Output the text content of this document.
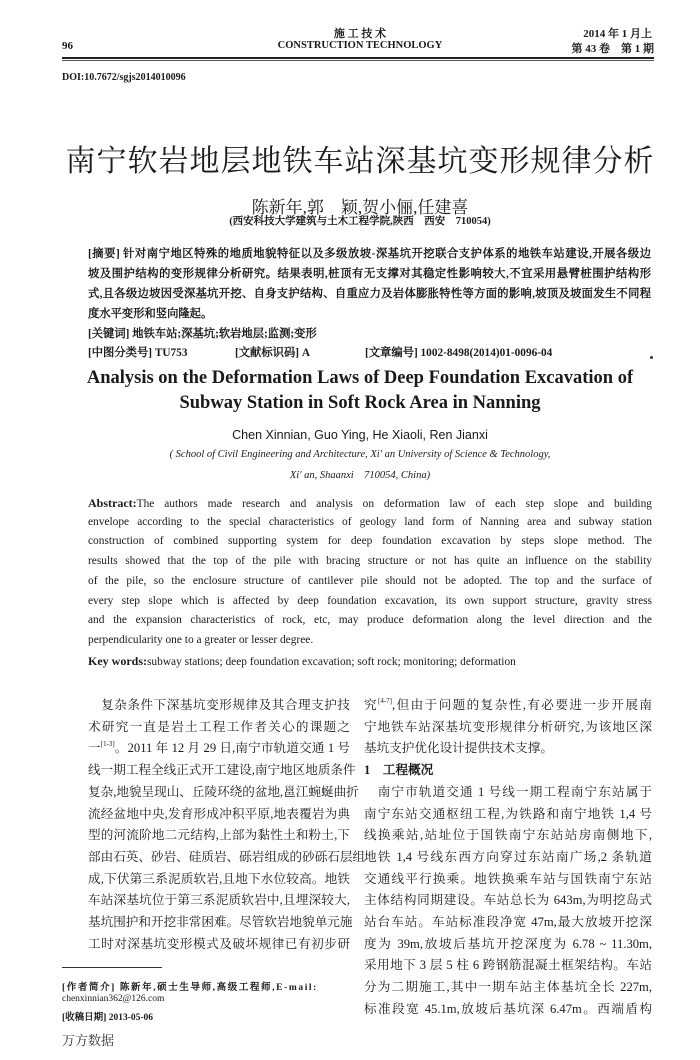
96
施 工 技 术
CONSTRUCTION TECHNOLOGY
2014 年 1 月上
第 43 卷　第 1 期
DOI:10.7672/sgjs2014010096
南宁软岩地层地铁车站深基坑变形规律分析
陈新年,郭　颖,贺小俪,任建喜
(西安科技大学建筑与土木工程学院,陕西　西安　710054)
[摘要] 针对南宁地区特殊的地质地貌特征以及多级放坡-深基坑开挖联合支护体系的地铁车站建设,开展各级边
坡及围护结构的变形规律分析研究。结果表明,桩顶有无支撑对其稳定性影响较大,不宜采用悬臂桩围护结构形
式,且各级边坡因受深基坑开挖、自身支护结构、自重应力及岩体膨胀特性等方面的影响,坡顶及坡面发生不同程
度水平变形和竖向隆起。
[关键词] 地铁车站;深基坑;软岩地层;监测;变形
[中图分类号] TU753	[文献标识码] A	[文章编号] 1002-8498(2014)01-0096-04
Analysis on the Deformation Laws of Deep Foundation Excavation of
Subway Station in Soft Rock Area in Nanning
Chen Xinnian, Guo Ying, He Xiaoli, Ren Jianxi
( School of Civil Engineering and Architecture, Xi' an University of Science & Technology,
Xi' an, Shaanxi　710054, China)
Abstract:The authors made research and analysis on deformation law of each step slope and building
envelope according to the special characteristics of geology land form of Nanning area and subway station
construction of combined supporting system for deep foundation excavation by steps slope method. The
results showed that the top of the pile with bracing structure or not has quite an influence on the stability
of the pile, so the enclosure structure of cantilever pile should not be adopted. The top and the surface of
every step slope which is affected by deep foundation excavation, its own support structure, gravity stress
and the expansion characteristics of rock, etc, may produce deformation along the level direction and the
perpendicularity one to a greater or lesser degree.
Key words:subway stations; deep foundation excavation; soft rock; monitoring; deformation
　复杂条件下深基坑变形规律及其合理支护技
术研究一直是岩土工程工作者关心的课题之
一[1-3]。2011 年 12 月 29 日,南宁市轨道交通 1 号
线一期工程全线正式开工建设,南宁地区地质条件
复杂,地貌呈现山、丘陵环绕的盆地,邕江蜿蜒曲折
流经盆地中央,发育形成冲积平原,地表覆岩为典
型的河流阶地二元结构,上部为黏性土和粉土,下
部由石英、砂岩、硅质岩、砾岩组成的砂砾石层组
成,下伏第三系泥质软岩,且地下水位较高。地铁
车站深基坑位于第三系泥质软岩中,且埋深较大,
基坑围护和开挖非常困难。尽管软岩地貌单元施
工时对深基坑变形模式及破坏规律已有初步研
究[4-7],但由于问题的复杂性,有必要进一步开展南
宁地铁车站深基坑变形规律分析研究,为该地区深
基坑支护优化设计提供技术支撑。
1　工程概况
　南宁市轨道交通 1 号线一期工程南宁东站属于
南宁东站交通枢纽工程,为铁路和南宁地铁 1,4 号
线换乘站,站址位于国铁南宁东站站房南侧地下,
地铁 1,4 号线东西方向穿过东站南广场,2 条轨道
交通线平行换乘。地铁换乘车站与国铁南宁东站
主体结构同期建设。车站总长为 643m,为明挖岛式
站台车站。车站标准段净宽 47m,最大放坡开挖深
度为 39m,放坡后基坑开挖深度为 6.78 ~ 11.30m,
采用地下 3 层 5 柱 6 跨钢筋混凝土框架结构。车站
分为二期施工,其中一期车站主体基坑全长 227m,
标准段宽 45.1m,放坡后基坑深 6.47m。西端盾构
[作者简介] 陈新年,硕士生导师,高级工程师,E-mail:
chenxinnian362@126.com
[收稿日期] 2013-05-06
万方数据
